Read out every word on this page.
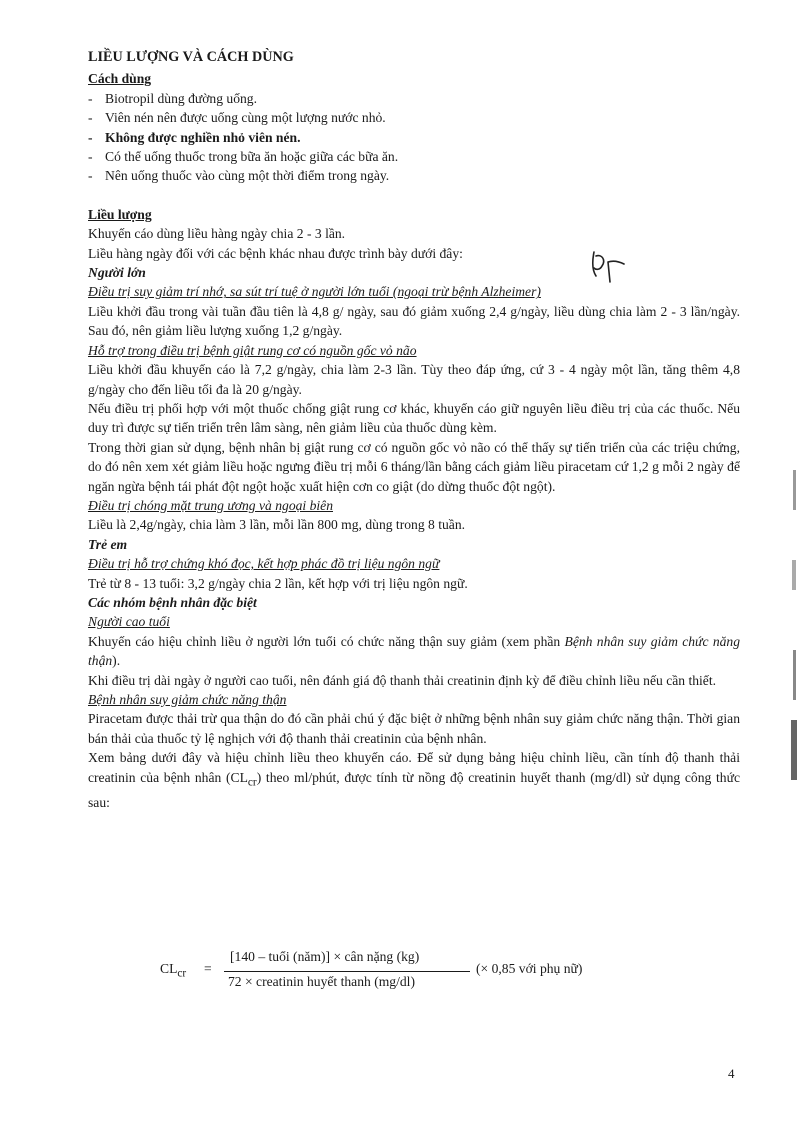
LIỀU LƯỢNG VÀ CÁCH DÙNG
Cách dùng
- Biotropil dùng đường uống.
- Viên nén nên được uống cùng một lượng nước nhỏ.
- Không được nghiền nhỏ viên nén.
- Có thể uống thuốc trong bữa ăn hoặc giữa các bữa ăn.
- Nên uống thuốc vào cùng một thời điểm trong ngày.
Liều lượng

Khuyến cáo dùng liều hàng ngày chia 2 - 3 lần.

Liều hàng ngày đối với các bệnh khác nhau được trình bày dưới đây:

Người lớn
Điều trị suy giảm trí nhớ, sa sút trí tuệ ở người lớn tuổi (ngoại trừ bệnh Alzheimer)

Liều khởi đầu trong vài tuần đầu tiên là 4,8 g/ ngày, sau đó giảm xuống 2,4 g/ngày, liều dùng chia làm 2 - 3 lần/ngày. Sau đó, nên giảm liều lượng xuống 1,2 g/ngày.

Hỗ trợ trong điều trị bệnh giật rung cơ có nguồn gốc vỏ não

Liều khởi đầu khuyến cáo là 7,2 g/ngày, chia làm 2-3 lần. Tùy theo đáp ứng, cứ 3 - 4 ngày một lần, tăng thêm 4,8 g/ngày cho đến liều tối đa là 20 g/ngày.

Nếu điều trị phối hợp với một thuốc chống giật rung cơ khác, khuyến cáo giữ nguyên liều điều trị của các thuốc. Nếu duy trì được sự tiến triển trên lâm sàng, nên giảm liều của thuốc dùng kèm.

Trong thời gian sử dụng, bệnh nhân bị giật rung cơ có nguồn gốc vỏ não có thể thấy sự tiến triển của các triệu chứng, do đó nên xem xét giảm liều hoặc ngưng điều trị mỗi 6 tháng/lần bằng cách giảm liều piracetam cứ 1,2 g mỗi 2 ngày để ngăn ngừa bệnh tái phát đột ngột hoặc xuất hiện cơn co giật (do dừng thuốc đột ngột).

Điều trị chóng mặt trung ương và ngoại biên

Liều là 2,4g/ngày, chia làm 3 lần, mỗi lần 800 mg, dùng trong 8 tuần.

Trẻ em
Điều trị hỗ trợ chứng khó đọc, kết hợp phác đồ trị liệu ngôn ngữ

Trẻ từ 8 - 13 tuổi: 3,2 g/ngày chia 2 lần, kết hợp với trị liệu ngôn ngữ.

Các nhóm bệnh nhân đặc biệt
Người cao tuổi

Khuyến cáo hiệu chỉnh liều ở người lớn tuổi có chức năng thận suy giảm (xem phần Bệnh nhân suy giảm chức năng thận).

Khi điều trị dài ngày ở người cao tuổi, nên đánh giá độ thanh thải creatinin định kỳ để điều chỉnh liều nếu cần thiết.

Bệnh nhân suy giảm chức năng thận

Piracetam được thải trừ qua thận do đó cần phải chú ý đặc biệt ở những bệnh nhân suy giảm chức năng thận. Thời gian bán thải của thuốc tỷ lệ nghịch với độ thanh thải creatinin của bệnh nhân.

Xem bảng dưới đây và hiệu chỉnh liều theo khuyến cáo. Để sử dụng bảng hiệu chỉnh liều, cần tính độ thanh thải creatinin của bệnh nhân $(CL_{cr})$ theo ml/phút, được tính từ nồng độ creatinin huyết thanh (mg/dl) sử dụng công thức sau:

$CL_{cr}$ =
[140 – tuổi (năm)] × cân nặng (kg)
72 × creatinin huyết thanh (mg/dl)
(× 0,85 với phụ nữ)
4
